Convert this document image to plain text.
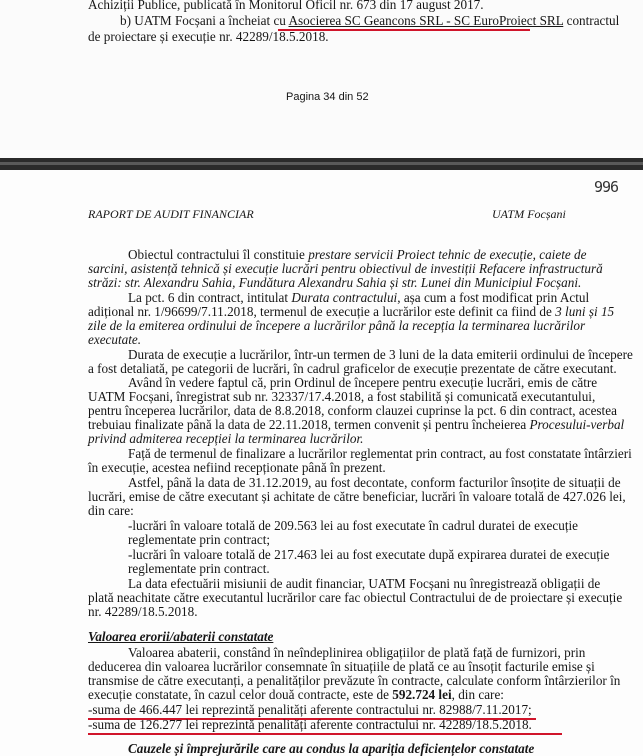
Achiziții Publice, publicată în Monitorul Oficil nr. 673 din 17 august 2017.
b) UATM Focșani a încheiat cu Asocierea SC Geancons SRL - SC EuroProiect SRL contractul
de proiectare și execuție nr. 42289/18.5.2018.
Pagina 34 din 52
996
RAPORT DE AUDIT FINANCIAR	UATM Focșani
Obiectul contractului îl constituie prestare servicii Proiect tehnic de execuție, caiete de
sarcini, asistență tehnică și execuție lucrări pentru obiectivul de investiții Refacere infrastructură
străzi: str. Alexandru Sahia, Fundătura Alexandru Sahia și str. Lunei din Municipiul Focșani.
La pct. 6 din contract, intitulat Durata contractului, așa cum a fost modificat prin Actul
adițional nr. 1/96699/7.11.2018, termenul de execuție a lucrărilor este definit ca fiind de 3 luni și 15
zile de la emiterea ordinului de începere a lucrărilor până la recepția la terminarea lucrărilor
executate.
Durata de execuție a lucrărilor, într-un termen de 3 luni de la data emiterii ordinului de începere
a fost detaliată, pe categorii de lucrări, în cadrul graficelor de execuție prezentate de către executant.
Având în vedere faptul că, prin Ordinul de începere pentru execuție lucrări, emis de către
UATM Focșani, înregistrat sub nr. 32337/17.4.2018, a fost stabilită și comunicată executantului,
pentru începerea lucrărilor, data de 8.8.2018, conform clauzei cuprinse la pct. 6 din contract, acestea
trebuiau finalizate până la data de 22.11.2018, termen convenit și pentru încheierea Procesului-verbal
privind admiterea recepției la terminarea lucrărilor.
Față de termenul de finalizare a lucrărilor reglementat prin contract, au fost constatate întârzieri
în execuție, acestea nefiind recepționate până în prezent.
Astfel, până la data de 31.12.2019, au fost decontate, conform facturilor însoțite de situații de
lucrări, emise de către executant și achitate de către beneficiar, lucrări în valoare totală de 427.026 lei,
din care:
-lucrări în valoare totală de 209.563 lei au fost executate în cadrul duratei de execuție
reglementate prin contract;
-lucrări în valoare totală de 217.463 lei au fost executate după expirarea duratei de execuție
reglementate prin contract.
La data efectuării misiunii de audit financiar, UATM Focșani nu înregistrează obligații de
plată neachitate către executantul lucrărilor care fac obiectul Contractului de de proiectare și execuție
nr. 42289/18.5.2018.
Valoarea erorii/abaterii constatate
Valoarea abaterii, constând în neîndeplinirea obligațiilor de plată față de furnizori, prin
deducerea din valoarea lucrărilor consemnate în situațiile de plată ce au însoțit facturile emise și
transmise de către executanți, a penalităților prevăzute în contracte, calculate conform întârzierilor în
execuție constatate, în cazul celor două contracte, este de 592.724 lei, din care:
-suma de 466.447 lei reprezintă penalități aferente contractului nr. 82988/7.11.2017;
-suma de 126.277 lei reprezintă penalități aferente contractului nr. 42289/18.5.2018.
Cauzele și împrejurările care au condus la apariția deficiențelor constatate
